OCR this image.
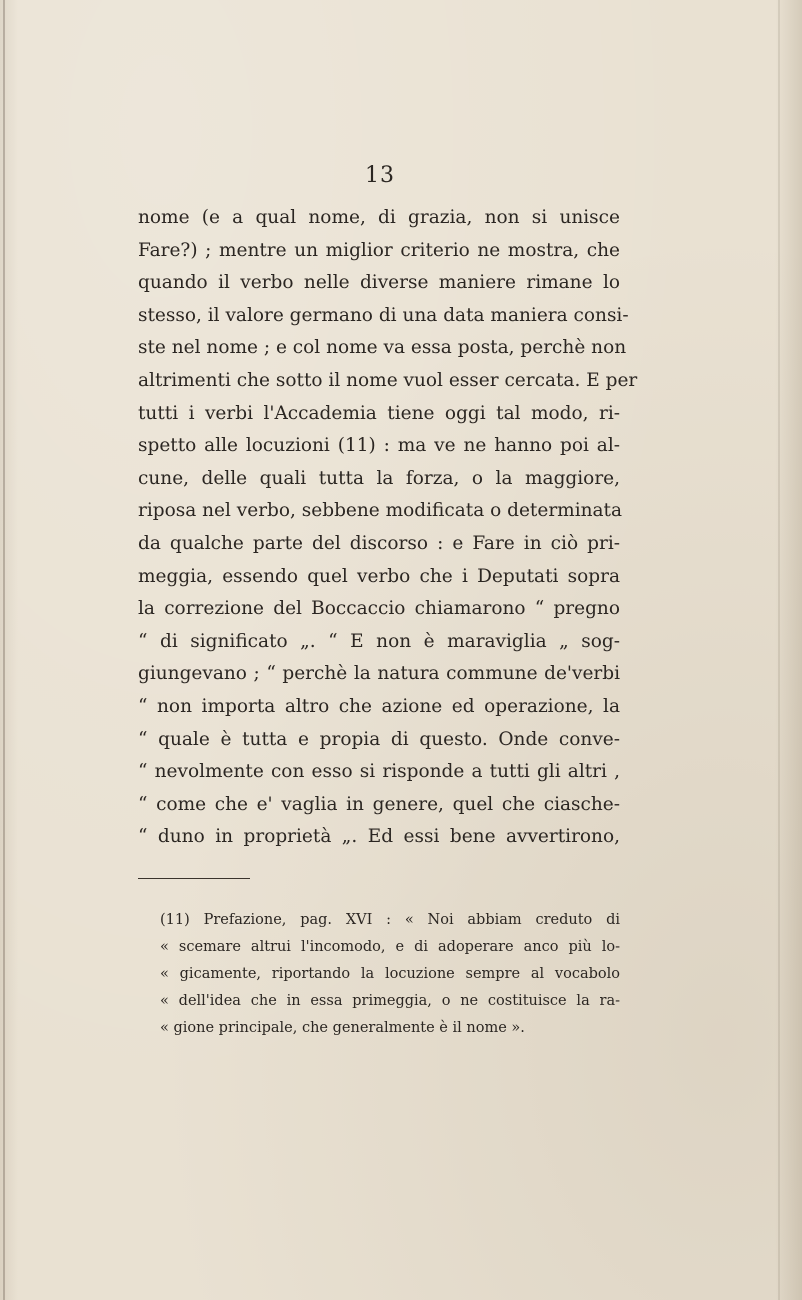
13
nome (e a qual nome, di grazia, non si unisce
Fare?) ; mentre un miglior criterio ne mostra, che
quando il verbo nelle diverse maniere rimane lo
stesso, il valore germano di una data maniera consi-
ste nel nome ; e col nome va essa posta, perchè non
altrimenti che sotto il nome vuol esser cercata. E per
tutti i verbi l'Accademia tiene oggi tal modo, ri-
spetto alle locuzioni (11) : ma ve ne hanno poi al-
cune, delle quali tutta la forza, o la maggiore,
riposa nel verbo, sebbene modificata o determinata
da qualche parte del discorso : e Fare in ciò pri-
meggia, essendo quel verbo che i Deputati sopra
la correzione del Boccaccio chiamarono “ pregno
“ di significato „. “ E non è maraviglia „ sog-
giungevano ; “ perchè la natura commune de'verbi
“ non importa altro che azione ed operazione, la
“ quale è tutta e propia di questo. Onde conve-
“ nevolmente con esso si risponde a tutti gli altri ,
“ come che e' vaglia in genere, quel che ciasche-
“ duno in proprietà „. Ed essi bene avvertirono,
(11) Prefazione, pag. XVI : « Noi abbiam creduto di
« scemare altrui l'incomodo, e di adoperare anco più lo-
« gicamente, riportando la locuzione sempre al vocabolo
« dell'idea che in essa primeggia, o ne costituisce la ra-
« gione principale, che generalmente è il nome ».
